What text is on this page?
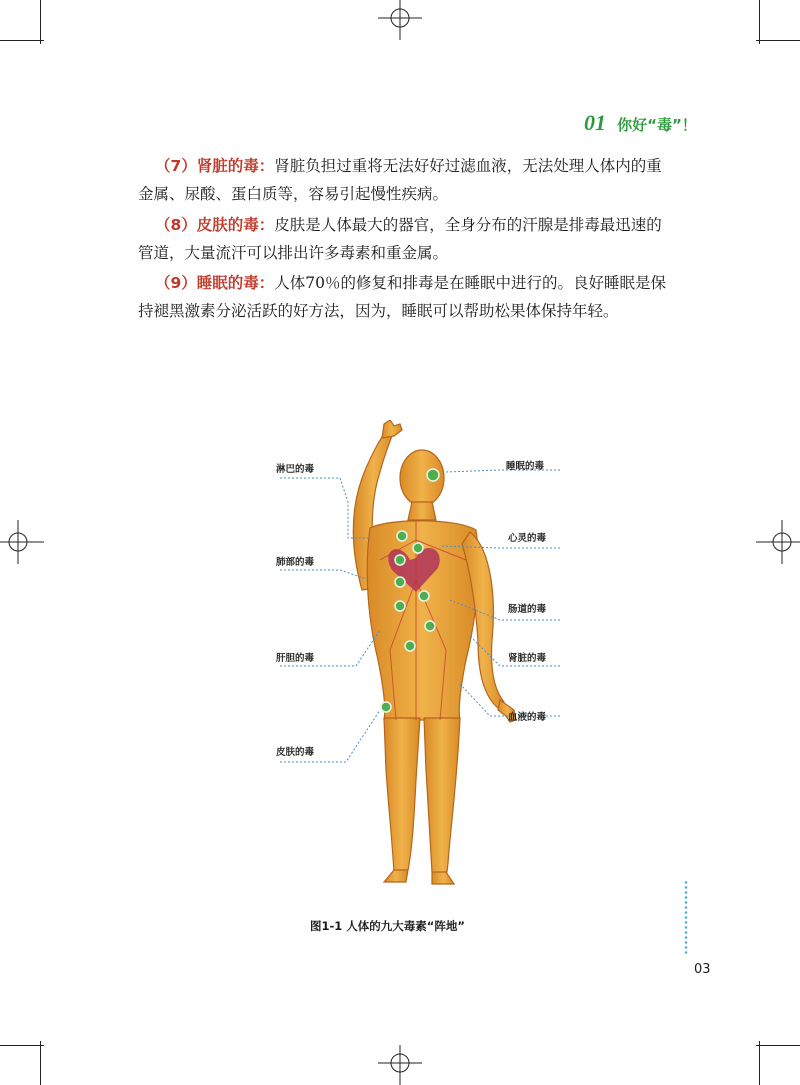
01 你好“毒”！
（7）肾脏的毒：肾脏负担过重将无法好好过滤血液，无法处理人体内的重金属、尿酸、蛋白质等，容易引起慢性疾病。
（8）皮肤的毒：皮肤是人体最大的器官，全身分布的汗腺是排毒最迅速的管道，大量流汗可以排出许多毒素和重金属。
（9）睡眠的毒：人体70％的修复和排毒是在睡眠中进行的。良好睡眠是保持褪黑激素分泌活跃的好方法，因为，睡眠可以帮助松果体保持年轻。
淋巴的毒	睡眠的毒
心灵的毒
肺部的毒
肠道的毒
肝胆的毒	肾脏的毒
血液的毒
皮肤的毒
图1-1 人体的九大毒素“阵地”
03
